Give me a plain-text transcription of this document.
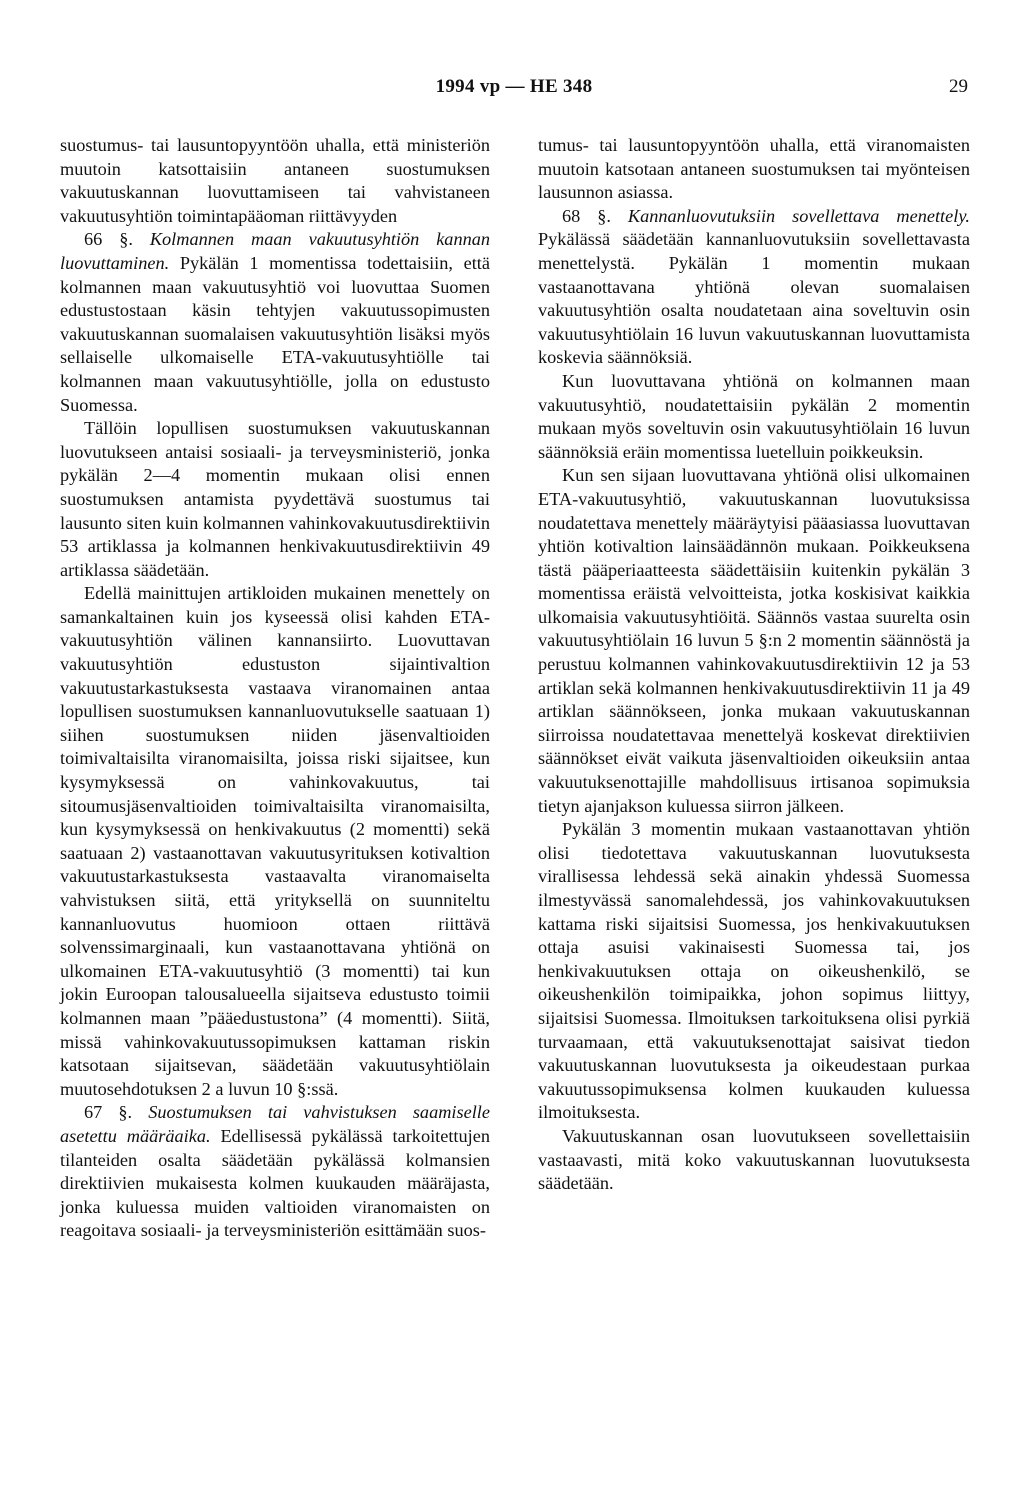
1994 vp — HE 348	29

suostumus- tai lausuntopyyntöön uhalla, että ministeriön muutoin katsottaisiin antaneen suostumuksen vakuutuskannan luovuttamiseen tai vahvistaneen vakuutusyhtiön toimintapääoman riittävyyden

66 §. Kolmannen maan vakuutusyhtiön kannan luovuttaminen. Pykälän 1 momentissa todettaisiin, että kolmannen maan vakuutusyhtiö voi luovuttaa Suomen edustustostaan käsin tehtyjen vakuutussopimusten vakuutuskannan suomalaisen vakuutusyhtiön lisäksi myös sellaiselle ulkomaiselle ETA-vakuutusyhtiölle tai kolmannen maan vakuutusyhtiölle, jolla on edustusto Suomessa.

Tällöin lopullisen suostumuksen vakuutuskannan luovutukseen antaisi sosiaali- ja terveysministeriö, jonka pykälän 2—4 momentin mukaan olisi ennen suostumuksen antamista pyydettävä suostumus tai lausunto siten kuin kolmannen vahinkovakuutusdirektiivin 53 artiklassa ja kolmannen henkivakuutusdirektiivin 49 artiklassa säädetään.

Edellä mainittujen artikloiden mukainen menettely on samankaltainen kuin jos kyseessä olisi kahden ETA-vakuutusyhtiön välinen kannansiirto. Luovuttavan vakuutusyhtiön edustuston sijaintivaltion vakuutustarkastuksesta vastaava viranomainen antaa lopullisen suostumuksen kannanluovutukselle saatuaan 1) siihen suostumuksen niiden jäsenvaltioiden toimivaltaisilta viranomaisilta, joissa riski sijaitsee, kun kysymyksessä on vahinkovakuutus, tai sitoumusjäsenvaltioiden toimivaltaisilta viranomaisilta, kun kysymyksessä on henkivakuutus (2 momentti) sekä saatuaan 2) vastaanottavan vakuutusyrituksen kotivaltion vakuutustarkastuksesta vastaavalta viranomaiselta vahvistuksen siitä, että yrityksellä on suunniteltu kannanluovutus huomioon ottaen riittävä solvenssimarginaali, kun vastaanottavana yhtiönä on ulkomainen ETA-vakuutusyhtiö (3 momentti) tai kun jokin Euroopan talousalueella sijaitseva edustusto toimii kolmannen maan ”pääedustustona” (4 momentti). Siitä, missä vahinkovakuutussopimuksen kattaman riskin katsotaan sijaitsevan, säädetään vakuutusyhtiölain muutosehdotuksen 2 a luvun 10 §:ssä.

67 §. Suostumuksen tai vahvistuksen saamiselle asetettu määräaika. Edellisessä pykälässä tarkoitettujen tilanteiden osalta säädetään pykälässä kolmansien direktiivien mukaisesta kolmen kuukauden määräjasta, jonka kuluessa muiden valtioiden viranomaisten on reagoitava sosiaali- ja terveysministeriön esittämään suos-

tumus- tai lausuntopyyntöön uhalla, että viranomaisten muutoin katsotaan antaneen suostumuksen tai myönteisen lausunnon asiassa.

68 §. Kannanluovutuksiin sovellettava menettely. Pykälässä säädetään kannanluovutuksiin sovellettavasta menettelystä. Pykälän 1 momentin mukaan vastaanottavana yhtiönä olevan suomalaisen vakuutusyhtiön osalta noudatetaan aina soveltuvin osin vakuutusyhtiölain 16 luvun vakuutuskannan luovuttamista koskevia säännöksiä.

Kun luovuttavana yhtiönä on kolmannen maan vakuutusyhtiö, noudatettaisiin pykälän 2 momentin mukaan myös soveltuvin osin vakuutusyhtiölain 16 luvun säännöksiä eräin momentissa luetelluin poikkeuksin.

Kun sen sijaan luovuttavana yhtiönä olisi ulkomainen ETA-vakuutusyhtiö, vakuutuskannan luovutuksissa noudatettava menettely määräytyisi pääasiassa luovuttavan yhtiön kotivaltion lainsäädännön mukaan. Poikkeuksena tästä pääperiaatteesta säädettäisiin kuitenkin pykälän 3 momentissa eräistä velvoitteista, jotka koskisivat kaikkia ulkomaisia vakuutusyhtiöitä. Säännös vastaa suurelta osin vakuutusyhtiölain 16 luvun 5 §:n 2 momentin säännöstä ja perustuu kolmannen vahinkovakuutusdirektiivin 12 ja 53 artiklan sekä kolmannen henkivakuutusdirektiivin 11 ja 49 artiklan säännökseen, jonka mukaan vakuutuskannan siirroissa noudatettavaa menettelyä koskevat direktiivien säännökset eivät vaikuta jäsenvaltioiden oikeuksiin antaa vakuutuksenottajille mahdollisuus irtisanoa sopimuksia tietyn ajanjakson kuluessa siirron jälkeen.

Pykälän 3 momentin mukaan vastaanottavan yhtiön olisi tiedotettava vakuutuskannan luovutuksesta virallisessa lehdessä sekä ainakin yhdessä Suomessa ilmestyvässä sanomalehdessä, jos vahinkovakuutuksen kattama riski sijaitsisi Suomessa, jos henkivakuutuksen ottaja asuisi vakinaisesti Suomessa tai, jos henkivakuutuksen ottaja on oikeushenkilö, se oikeushenkilön toimipaikka, johon sopimus liittyy, sijaitsisi Suomessa. Ilmoituksen tarkoituksena olisi pyrkiä turvaamaan, että vakuutuksenottajat saisivat tiedon vakuutuskannan luovutuksesta ja oikeudestaan purkaa vakuutussopimuksensa kolmen kuukauden kuluessa ilmoituksesta.

Vakuutuskannan osan luovutukseen sovellettaisiin vastaavasti, mitä koko vakuutuskannan luovutuksesta säädetään.
